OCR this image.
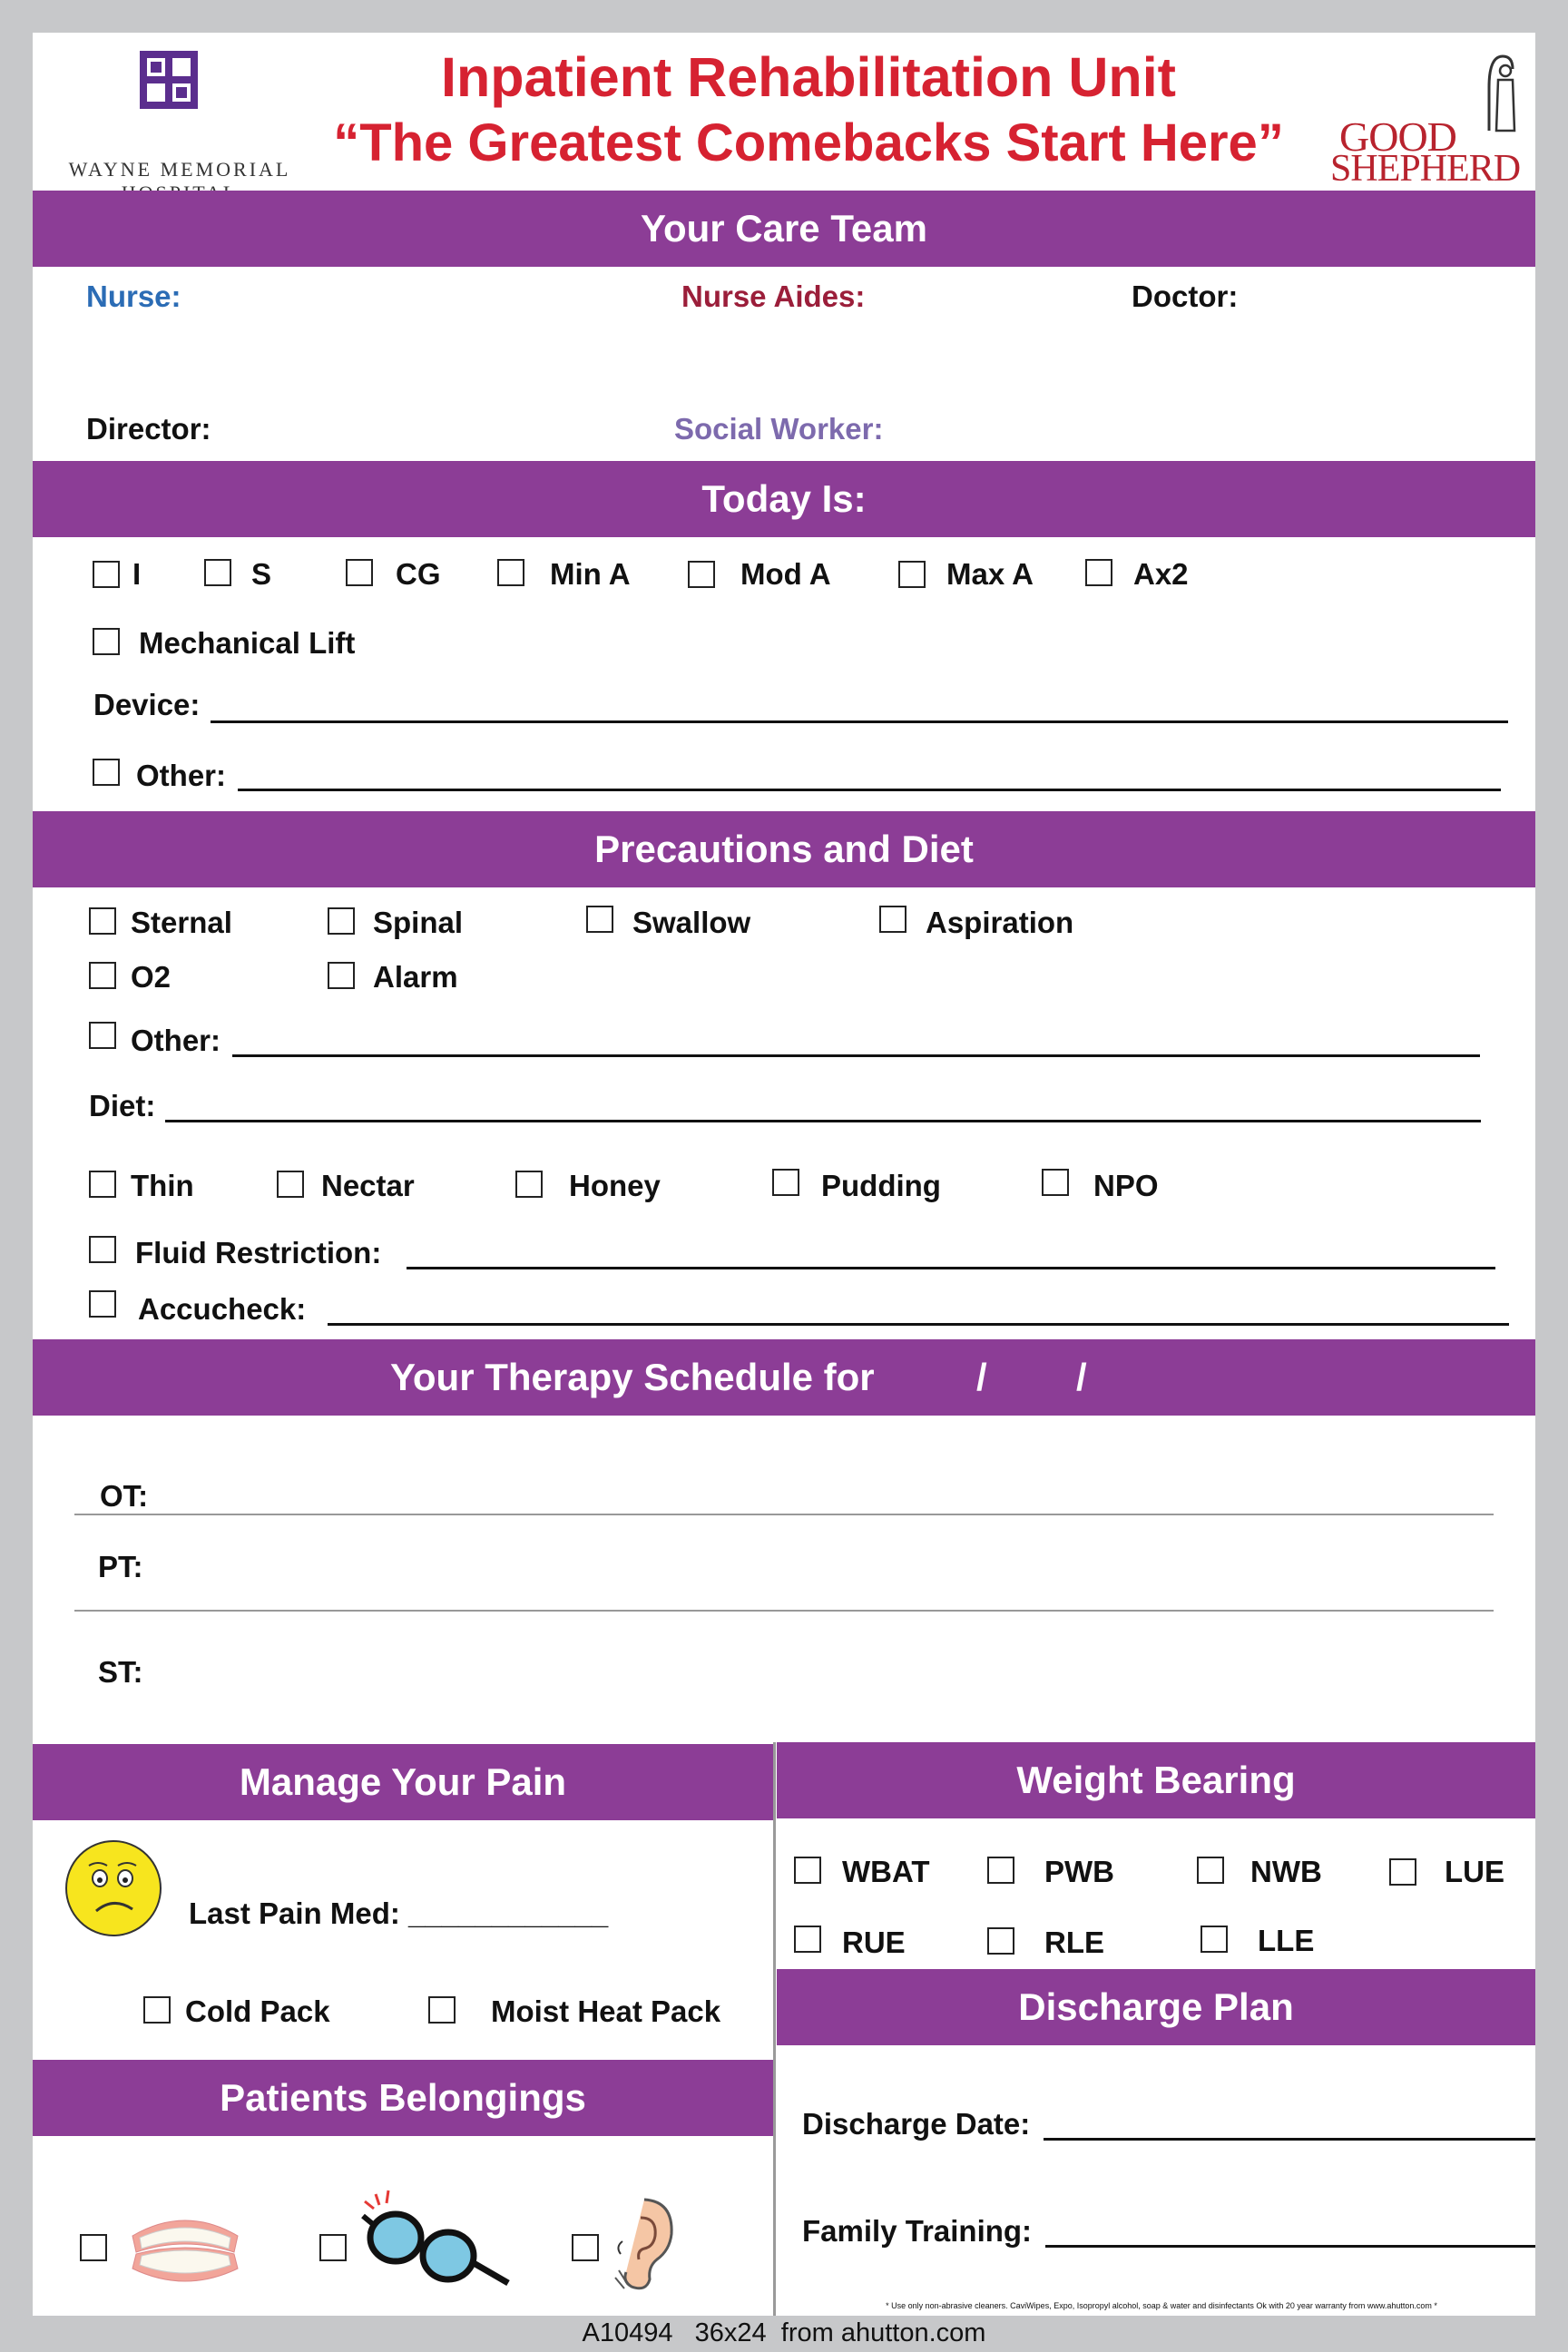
WAYNE MEMORIAL
Inpatient Rehabilitation Unit
“The Greatest Comebacks Start Here”	GOOD
SHEPHERD
Your Care Team
Nurse:	Nurse Aides:	Doctor:
Director:	Social Worker:
Today Is:
I	S	CG	Min A	Mod A	Max A	Ax2
Mechanical Lift
Device:
Other:
Precautions and Diet
Sternal	Spinal	Swallow	Aspiration
O2	Alarm
Other:
Diet:
Thin	Nectar	Honey	Pudding	NPO
Fluid Restriction:
Accucheck:
Your Therapy Schedule for	/ /
OT:
PT:
ST:
Manage Your Pain
Last Pain Med: ____________
Cold Pack	Moist Heat Pack
Patients Belongings
Weight Bearing
WBAT	PWB	NWB	LUE
RUE	RLE	LLE
Discharge Plan
Discharge Date:
Family Training:
* Use only non-abrasive cleaners. CaviWipes, Expo, Isopropyl alcohol, soap & water and disinfectants Ok with 20 year warranty from www.ahutton.com *
A10494   36x24  from ahutton.com
